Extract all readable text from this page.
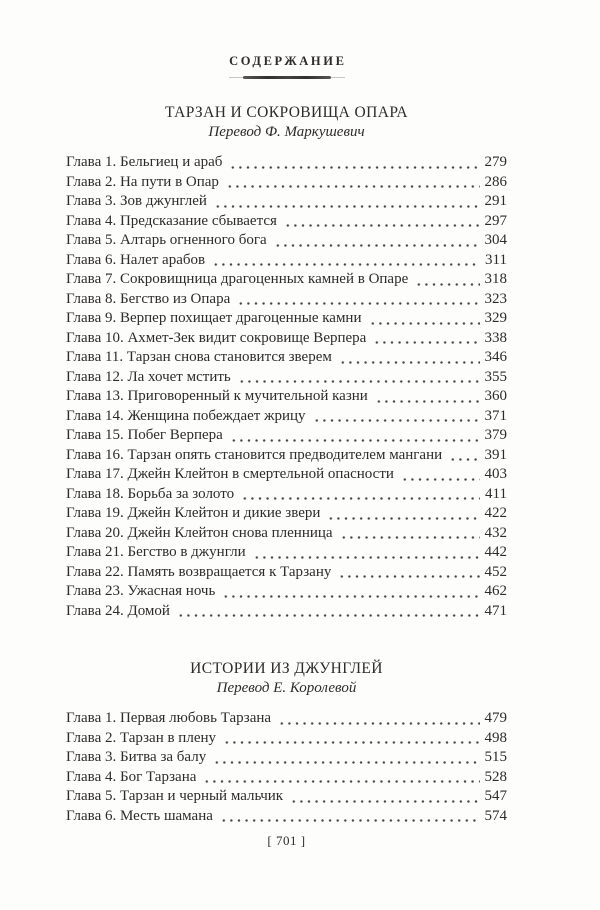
СОДЕРЖАНИЕ
ТАРЗАН И СОКРОВИЩА ОПАРА
Перевод Ф. Маркушевич
Глава 1. Бельгиец и араб	279
Глава 2. На пути в Опар	286
Глава 3. Зов джунглей	291
Глава 4. Предсказание сбывается	297
Глава 5. Алтарь огненного бога	304
Глава 6. Налет арабов	311
Глава 7. Сокровищница драгоценных камней в Опаре	318
Глава 8. Бегство из Опара	323
Глава 9. Верпер похищает драгоценные камни	329
Глава 10. Ахмет-Зек видит сокровище Верпера	338
Глава 11. Тарзан снова становится зверем	346
Глава 12. Ла хочет мстить	355
Глава 13. Приговоренный к мучительной казни	360
Глава 14. Женщина побеждает жрицу	371
Глава 15. Побег Верпера	379
Глава 16. Тарзан опять становится предводителем мангани	391
Глава 17. Джейн Клейтон в смертельной опасности	403
Глава 18. Борьба за золото	411
Глава 19. Джейн Клейтон и дикие звери	422
Глава 20. Джейн Клейтон снова пленница	432
Глава 21. Бегство в джунгли	442
Глава 22. Память возвращается к Тарзану	452
Глава 23. Ужасная ночь	462
Глава 24. Домой	471
ИСТОРИИ ИЗ ДЖУНГЛЕЙ
Перевод Е. Королевой
Глава 1. Первая любовь Тарзана	479
Глава 2. Тарзан в плену	498
Глава 3. Битва за балу	515
Глава 4. Бог Тарзана	528
Глава 5. Тарзан и черный мальчик	547
Глава 6. Месть шамана	574
[ 701 ]
